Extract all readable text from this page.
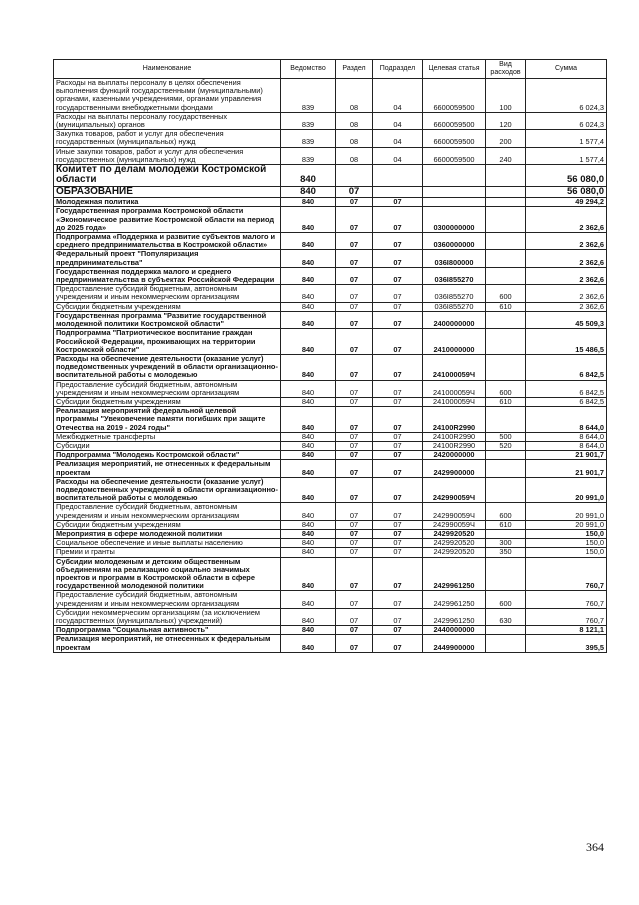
Наименование	Ведомство	Раздел	Подраздел	Целевая статья	Вид расходов	Сумма
Расходы на выплаты персоналу в целях обеспечения выполнения функций государственными (муниципальными) органами, казенными учреждениями, органами управления государственными внебюджетными фондами	839	08	04	6600059500	100	6 024,3
Расходы на выплаты персоналу государственных (муниципальных) органов	839	08	04	6600059500	120	6 024,3
Закупка товаров, работ и услуг для обеспечения государственных (муниципальных) нужд	839	08	04	6600059500	200	1 577,4
Иные закупки товаров, работ и услуг для обеспечения государственных (муниципальных) нужд	839	08	04	6600059500	240	1 577,4
Комитет по делам молодежи Костромской области	840					56 080,0
ОБРАЗОВАНИЕ	840	07				56 080,0
Молодежная политика	840	07	07			49 294,2
Государственная программа Костромской области «Экономическое развитие Костромской области на период до 2025 года»	840	07	07	0300000000		2 362,6
Подпрограмма «Поддержка и развитие субъектов малого и среднего предпринимательства в Костромской области»	840	07	07	0360000000		2 362,6
Федеральный проект "Популяризация предпринимательства"	840	07	07	036I800000		2 362,6
Государственная поддержка малого и среднего предпринимательства в субъектах Российской Федерации	840	07	07	036I855270		2 362,6
Предоставление субсидий бюджетным, автономным учреждениям и иным некоммерческим организациям	840	07	07	036I855270	600	2 362,6
Субсидии бюджетным учреждениям	840	07	07	036I855270	610	2 362,6
Государственная программа "Развитие государственной молодежной политики Костромской области"	840	07	07	2400000000		45 509,3
Подпрограмма "Патриотическое воспитание граждан Российской Федерации, проживающих на территории Костромской области"	840	07	07	2410000000		15 486,5
Расходы на обеспечение деятельности (оказание услуг) подведомственных учреждений в области организационно-воспитательной работы с молодежью	840	07	07	241000059Ч		6 842,5
Предоставление субсидий бюджетным, автономным учреждениям и иным некоммерческим организациям	840	07	07	241000059Ч	600	6 842,5
Субсидии бюджетным учреждениям	840	07	07	241000059Ч	610	6 842,5
Реализация мероприятий федеральной целевой программы "Увековечение памяти погибших при защите Отечества на 2019 - 2024 годы"	840	07	07	24100R2990		8 644,0
Межбюджетные трансферты	840	07	07	24100R2990	500	8 644,0
Субсидии	840	07	07	24100R2990	520	8 644,0
Подпрограмма "Молодежь Костромской области"	840	07	07	2420000000		21 901,7
Реализация мероприятий, не отнесенных к федеральным проектам	840	07	07	2429900000		21 901,7
Расходы на обеспечение деятельности (оказание услуг) подведомственных учреждений в области организационно-воспитательной работы с молодежью	840	07	07	242990059Ч		20 991,0
Предоставление субсидий бюджетным, автономным учреждениям и иным некоммерческим организациям	840	07	07	242990059Ч	600	20 991,0
Субсидии бюджетным учреждениям	840	07	07	242990059Ч	610	20 991,0
Мероприятия в сфере молодежной политики	840	07	07	2429920520		150,0
Социальное обеспечение и иные выплаты населению	840	07	07	2429920520	300	150,0
Премии и гранты	840	07	07	2429920520	350	150,0
Субсидии молодежным и детским общественным объединениям на реализацию социально значимых проектов и программ в Костромской области в сфере государственной молодежной политики	840	07	07	2429961250		760,7
Предоставление субсидий бюджетным, автономным учреждениям и иным некоммерческим организациям	840	07	07	2429961250	600	760,7
Субсидии некоммерческим организациям (за исключением государственных (муниципальных) учреждений)	840	07	07	2429961250	630	760,7
Подпрограмма "Социальная активность"	840	07	07	2440000000		8 121,1
Реализация мероприятий, не отнесенных к федеральным проектам	840	07	07	2449900000		395,5
364
